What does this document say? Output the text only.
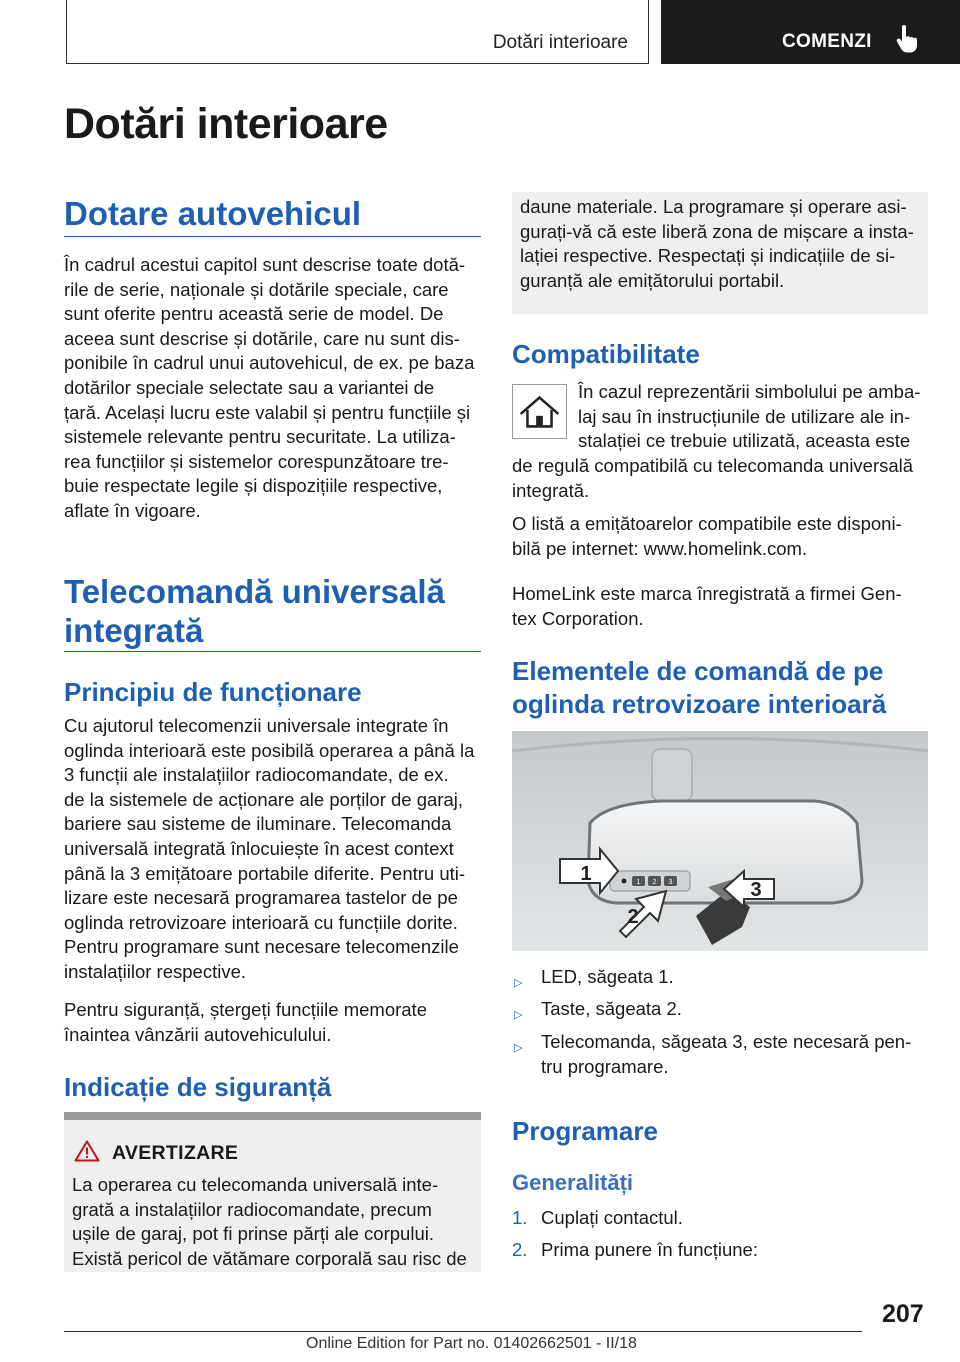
Dotări interioare	COMENZI
Dotări interioare
Dotare autovehicul

În cadrul acestui capitol sunt descrise toate dotă‐

rile de serie, naționale și dotările speciale, care

sunt oferite pentru această serie de model. De

aceea sunt descrise și dotările, care nu sunt dis‐

ponibile în cadrul unui autovehicul, de ex. pe baza

dotărilor speciale selectate sau a variantei de

țară. Același lucru este valabil și pentru funcțiile și

sistemele relevante pentru securitate. La utiliza‐

rea funcțiilor și sistemelor corespunzătoare tre‐

buie respectate legile și dispozițiile respective,

aflate în vigoare.

Telecomandă universală
integrată
Principiu de funcționare

Cu ajutorul telecomenzii universale integrate în

oglinda interioară este posibilă operarea a până la

3 funcții ale instalațiilor radiocomandate, de ex.

de la sistemele de acționare ale porților de garaj,

bariere sau sisteme de iluminare. Telecomanda

universală integrată înlocuiește în acest context

până la 3 emițătoare portabile diferite. Pentru uti‐

lizare este necesară programarea tastelor de pe

oglinda retrovizoare interioară cu funcțiile dorite.

Pentru programare sunt necesare telecomenzile

instalațiilor respective.

Pentru siguranță, ștergeți funcțiile memorate

înaintea vânzării autovehiculului.

Indicație de siguranță
AVERTIZARE

La operarea cu telecomanda universală inte‐

grată a instalațiilor radiocomandate, precum

ușile de garaj, pot fi prinse părți ale corpului.

Există pericol de vătămare corporală sau risc de

daune materiale. La programare și operare asi‐

gurați-vă că este liberă zona de mișcare a insta‐

lației respective. Respectați și indicațiile de si‐

guranță ale emițătorului portabil.

Compatibilitate

În cazul reprezentării simbolului pe amba‐

laj sau în instrucțiunile de utilizare ale in‐

stalației ce trebuie utilizată, aceasta este

de regulă compatibilă cu telecomanda universală

integrată.

O listă a emițătoarelor compatibile este disponi‐

bilă pe internet: www.homelink.com.

HomeLink este marca înregistrată a firmei Gen‐

tex Corporation.

Elementele de comandă de pe
oglinda retrovizoare interioară
1 2 3
1
2
3
▷ LED, săgeata 1.
▷ Taste, săgeata 2.
▷ Telecomanda, săgeata 3, este necesară pen‐
tru programare.
Programare
Generalități
1. Cuplați contactul.
2. Prima punere în funcțiune:
207
Online Edition for Part no. 01402662501 - II/18
